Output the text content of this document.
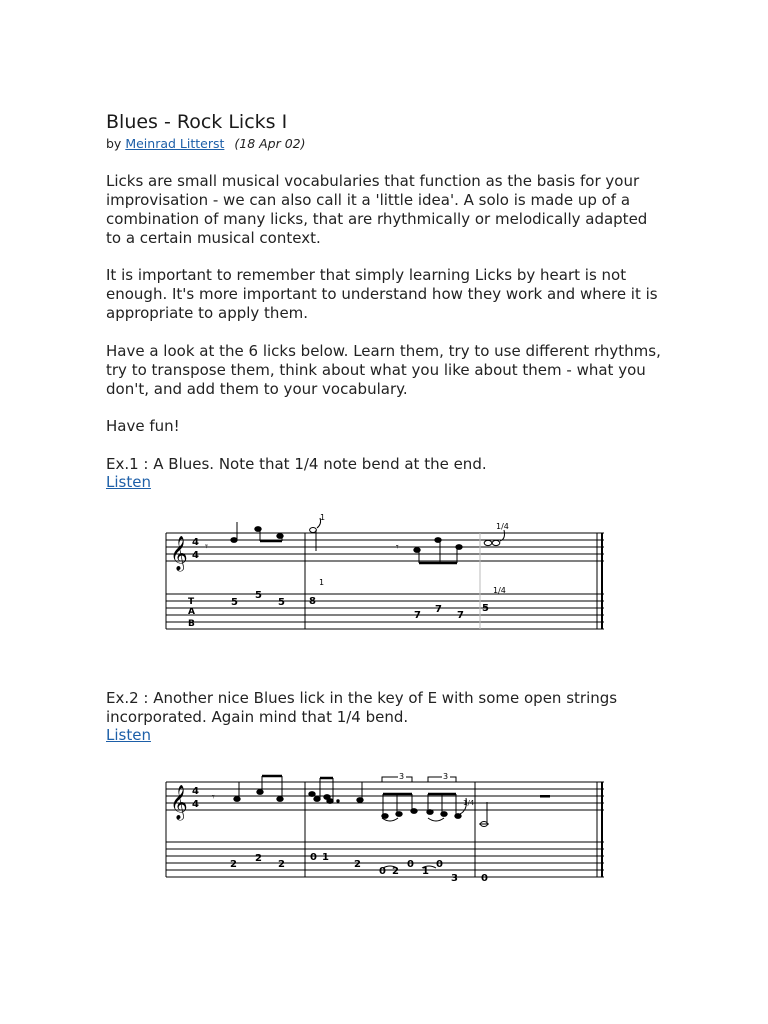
Blues - Rock Licks I
by Meinrad Litterst (18 Apr 02)

Licks are small musical vocabularies that function as the basis for your improvisation - we can also call it a 'little idea'. A solo is made up of a combination of many licks, that are rhythmically or melodically adapted to a certain musical context.

It is important to remember that simply learning Licks by heart is not enough. It's more important to understand how they work and where it is appropriate to apply them.

Have a look at the 6 licks below. Learn them, try to use different rhythms, try to transpose them, think about what you like about them - what you don't, and add them to your vocabulary.

Have fun!

Ex.1 : A Blues. Note that 1/4 note bend at the end.

Listen
𝄞 4
4
𝄾	𝄾
1
1/4
T
A
B
5
5
5 8
1
7
7
7
5
1/4

Ex.2 : Another nice Blues lick in the key of E with some open strings incorporated. Again mind that 1/4 bend.

Listen
𝄞 4
4
𝄾
3	3
1/4
2
2
2
0 1
2
0 2
0
1
0
3 0
